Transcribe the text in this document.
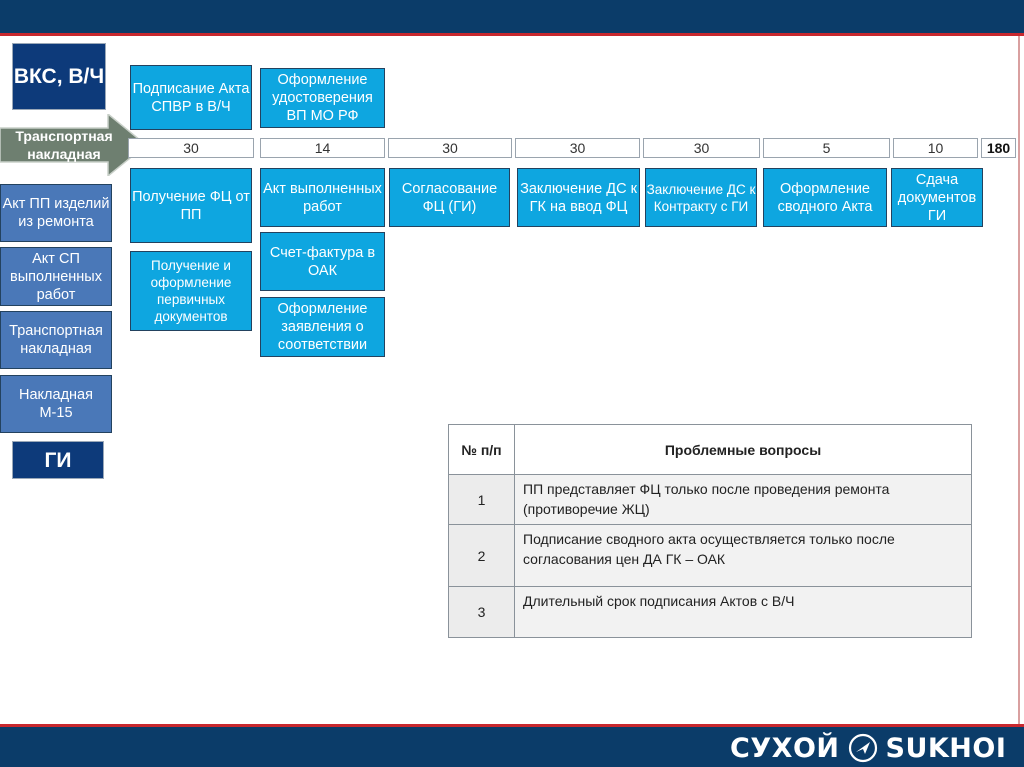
СУХОЙ SUKHOI
ВКС, В/Ч
Транспортная накладная
Акт ПП изделий из ремонта
Акт СП выполненных работ
Транспортная накладная
Накладная М-15
ГИ
Подписание Акта СПВР в В/Ч
Оформление удостоверения ВП МО РФ
30	14	30	30	30	5	10	180
Получение ФЦ от ПП
Получение и оформление первичных документов
Акт выполненных работ
Счет-фактура в ОАК
Оформление заявления о соответствии
Согласование ФЦ (ГИ)
Заключение ДС к ГК на ввод ФЦ
Заключение ДС к Контракту с ГИ
Оформление сводного Акта
Сдача документов ГИ
№ п/п	Проблемные вопросы
1	ПП представляет ФЦ только после проведения ремонта (противоречие ЖЦ)
2	Подписание сводного акта осуществляется только после согласования цен ДА ГК – ОАК
3	Длительный срок подписания Актов с В/Ч
